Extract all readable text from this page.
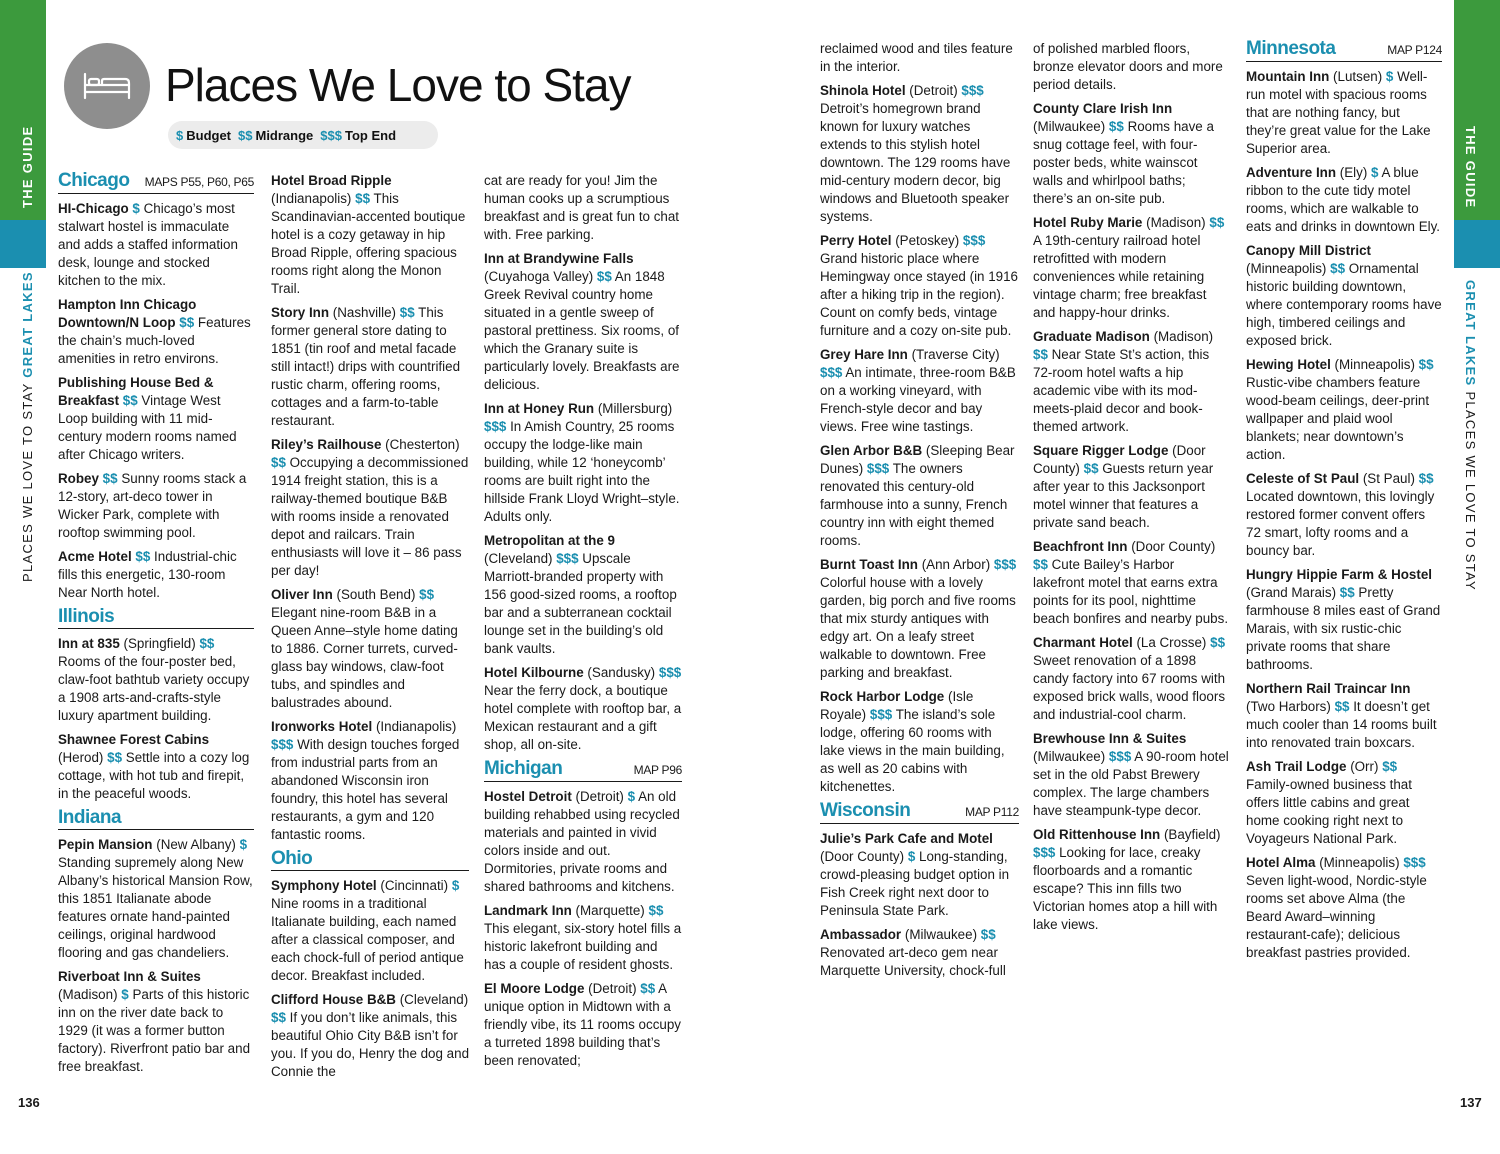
THE GUIDE
PLACES WE LOVE TO STAY GREAT LAKES
136
Places We Love to Stay
$ Budget $$ Midrange $$$ Top End	THE GUIDE
GREAT LAKES PLACES WE LOVE TO STAY
137
Chicago MAPS P55, P60, P65
HI-Chicago $ Chicago’s most stalwart hostel is immaculate and adds a staffed information desk, lounge and stocked kitchen to the mix.
Hampton Inn Chicago Downtown/N Loop $$ Features the chain’s much-loved amenities in retro environs.
Publishing House Bed & Breakfast $$ Vintage West Loop building with 11 mid-century modern rooms named after Chicago writers.
Robey $$ Sunny rooms stack a 12-story, art-deco tower in Wicker Park, complete with rooftop swimming pool.
Acme Hotel $$ Industrial-chic fills this energetic, 130-room Near North hotel.
Illinois
Inn at 835 (Springfield) $$ Rooms of the four-poster bed, claw-foot bathtub variety occupy a 1908 arts-and-crafts-style luxury apartment building.
Shawnee Forest Cabins (Herod) $$ Settle into a cozy log cottage, with hot tub and firepit, in the peaceful woods.
Indiana
Pepin Mansion (New Albany) $ Standing supremely along New Albany’s historical Mansion Row, this 1851 Italianate abode features ornate hand-painted ceilings, original hardwood flooring and gas chandeliers.
Riverboat Inn & Suites (Madison) $ Parts of this historic inn on the river date back to 1929 (it was a former button factory). Riverfront patio bar and free breakfast.
Hotel Broad Ripple (Indianapolis) $$ This Scandinavian-accented boutique hotel is a cozy getaway in hip Broad Ripple, offering spacious rooms right along the Monon Trail.
Story Inn (Nashville) $$ This former general store dating to 1851 (tin roof and metal facade still intact!) drips with countrified rustic charm, offering rooms, cottages and a farm-to-table restaurant.
Riley’s Railhouse (Chesterton) $$ Occupying a decommissioned 1914 freight station, this is a railway-themed boutique B&B with rooms inside a renovated depot and railcars. Train enthusiasts will love it – 86 pass per day!
Oliver Inn (South Bend) $$ Elegant nine-room B&B in a Queen Anne–style home dating to 1886. Corner turrets, curved-glass bay windows, claw-foot tubs, and spindles and balustrades abound.
Ironworks Hotel (Indianapolis) $$$ With design touches forged from industrial parts from an abandoned Wisconsin iron foundry, this hotel has several restaurants, a gym and 120 fantastic rooms.
Ohio
Symphony Hotel (Cincinnati) $ Nine rooms in a traditional Italianate building, each named after a classical composer, and each chock-full of period antique decor. Breakfast included.
Clifford House B&B (Cleveland) $$ If you don’t like animals, this beautiful Ohio City B&B isn’t for you. If you do, Henry the dog and Connie the
cat are ready for you! Jim the human cooks up a scrumptious breakfast and is great fun to chat with. Free parking.
Inn at Brandywine Falls (Cuyahoga Valley) $$ An 1848 Greek Revival country home situated in a gentle sweep of pastoral prettiness. Six rooms, of which the Granary suite is particularly lovely. Breakfasts are delicious.
Inn at Honey Run (Millersburg) $$$ In Amish Country, 25 rooms occupy the lodge-like main building, while 12 ‘honeycomb’ rooms are built right into the hillside Frank Lloyd Wright–style. Adults only.
Metropolitan at the 9 (Cleveland) $$$ Upscale Marriott-branded property with 156 good-sized rooms, a rooftop bar and a subterranean cocktail lounge set in the building’s old bank vaults.
Hotel Kilbourne (Sandusky) $$$ Near the ferry dock, a boutique hotel complete with rooftop bar, a Mexican restaurant and a gift shop, all on-site.
Michigan	MAP P96
Hostel Detroit (Detroit) $ An old building rehabbed using recycled materials and painted in vivid colors inside and out. Dormitories, private rooms and shared bathrooms and kitchens.
Landmark Inn (Marquette) $$ This elegant, six-story hotel fills a historic lakefront building and has a couple of resident ghosts.
El Moore Lodge (Detroit) $$ A unique option in Midtown with a friendly vibe, its 11 rooms occupy a turreted 1898 building that’s been renovated;
reclaimed wood and tiles feature in the interior.
Shinola Hotel (Detroit) $$$ Detroit’s homegrown brand known for luxury watches extends to this stylish hotel downtown. The 129 rooms have mid-century modern decor, big windows and Bluetooth speaker systems.
Perry Hotel (Petoskey) $$$ Grand historic place where Hemingway once stayed (in 1916 after a hiking trip in the region). Count on comfy beds, vintage furniture and a cozy on-site pub.
Grey Hare Inn (Traverse City) $$$ An intimate, three-room B&B on a working vineyard, with French-style decor and bay views. Free wine tastings.
Glen Arbor B&B (Sleeping Bear Dunes) $$$ The owners renovated this century-old farmhouse into a sunny, French country inn with eight themed rooms.
Burnt Toast Inn (Ann Arbor) $$$ Colorful house with a lovely garden, big porch and five rooms that mix sturdy antiques with edgy art. On a leafy street walkable to downtown. Free parking and breakfast.
Rock Harbor Lodge (Isle Royale) $$$ The island’s sole lodge, offering 60 rooms with lake views in the main building, as well as 20 cabins with kitchenettes.
Wisconsin	MAP P112
Julie’s Park Cafe and Motel (Door County) $ Long-standing, crowd-pleasing budget option in Fish Creek right next door to Peninsula State Park.
Ambassador (Milwaukee) $$ Renovated art-deco gem near Marquette University, chock-full
of polished marbled floors, bronze elevator doors and more period details.
County Clare Irish Inn (Milwaukee) $$ Rooms have a snug cottage feel, with four-poster beds, white wainscot walls and whirlpool baths; there’s an on-site pub.
Hotel Ruby Marie (Madison) $$ A 19th-century railroad hotel retrofitted with modern conveniences while retaining vintage charm; free breakfast and happy-hour drinks.
Graduate Madison (Madison) $$ Near State St’s action, this 72-room hotel wafts a hip academic vibe with its mod-meets-plaid decor and book-themed artwork.
Square Rigger Lodge (Door County) $$ Guests return year after year to this Jacksonport motel winner that features a private sand beach.
Beachfront Inn (Door County) $$ Cute Bailey’s Harbor lakefront motel that earns extra points for its pool, nighttime beach bonfires and nearby pubs.
Charmant Hotel (La Crosse) $$ Sweet renovation of a 1898 candy factory into 67 rooms with exposed brick walls, wood floors and industrial-cool charm.
Brewhouse Inn & Suites (Milwaukee) $$$ A 90-room hotel set in the old Pabst Brewery complex. The large chambers have steampunk-type decor.
Old Rittenhouse Inn (Bayfield) $$$ Looking for lace, creaky floorboards and a romantic escape? This inn fills two Victorian homes atop a hill with lake views.
Minnesota	MAP P124
Mountain Inn (Lutsen) $ Well-run motel with spacious rooms that are nothing fancy, but they’re great value for the Lake Superior area.
Adventure Inn (Ely) $ A blue ribbon to the cute tidy motel rooms, which are walkable to eats and drinks in downtown Ely.
Canopy Mill District (Minneapolis) $$ Ornamental historic building downtown, where contemporary rooms have high, timbered ceilings and exposed brick.
Hewing Hotel (Minneapolis) $$ Rustic-vibe chambers feature wood-beam ceilings, deer-print wallpaper and plaid wool blankets; near downtown’s action.
Celeste of St Paul (St Paul) $$ Located downtown, this lovingly restored former convent offers 72 smart, lofty rooms and a bouncy bar.
Hungry Hippie Farm & Hostel (Grand Marais) $$ Pretty farmhouse 8 miles east of Grand Marais, with six rustic-chic private rooms that share bathrooms.
Northern Rail Traincar Inn (Two Harbors) $$ It doesn’t get much cooler than 14 rooms built into renovated train boxcars.
Ash Trail Lodge (Orr) $$ Family-owned business that offers little cabins and great home cooking right next to Voyageurs National Park.
Hotel Alma (Minneapolis) $$$ Seven light-wood, Nordic-style rooms set above Alma (the Beard Award–winning restaurant-cafe); delicious breakfast pastries provided.
